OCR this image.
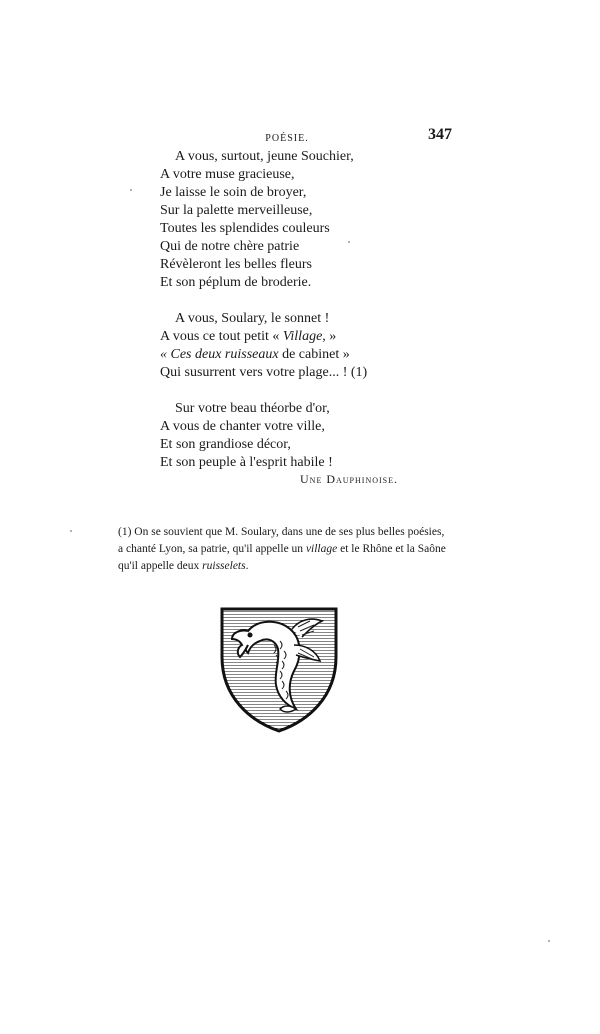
POÉSIE.	347
A vous, surtout, jeune Souchier,
A votre muse gracieuse,
Je laisse le soin de broyer,
Sur la palette merveilleuse,
Toutes les splendides couleurs
Qui de notre chère patrie
Révèleront les belles fleurs
Et son péplum de broderie.
A vous, Soulary, le sonnet !
A vous ce tout petit « Village, »
« Ces deux ruisseaux de cabinet »
Qui susurrent vers votre plage... ! (1)
Sur votre beau théorbe d'or,
A vous de chanter votre ville,
Et son grandiose décor,
Et son peuple à l'esprit habile !
Une Dauphinoise.
(1) On se souvient que M. Soulary, dans une de ses plus belles poésies,
a chanté Lyon, sa patrie, qu'il appelle un village et le Rhône et la Saône
qu'il appelle deux ruisselets.
